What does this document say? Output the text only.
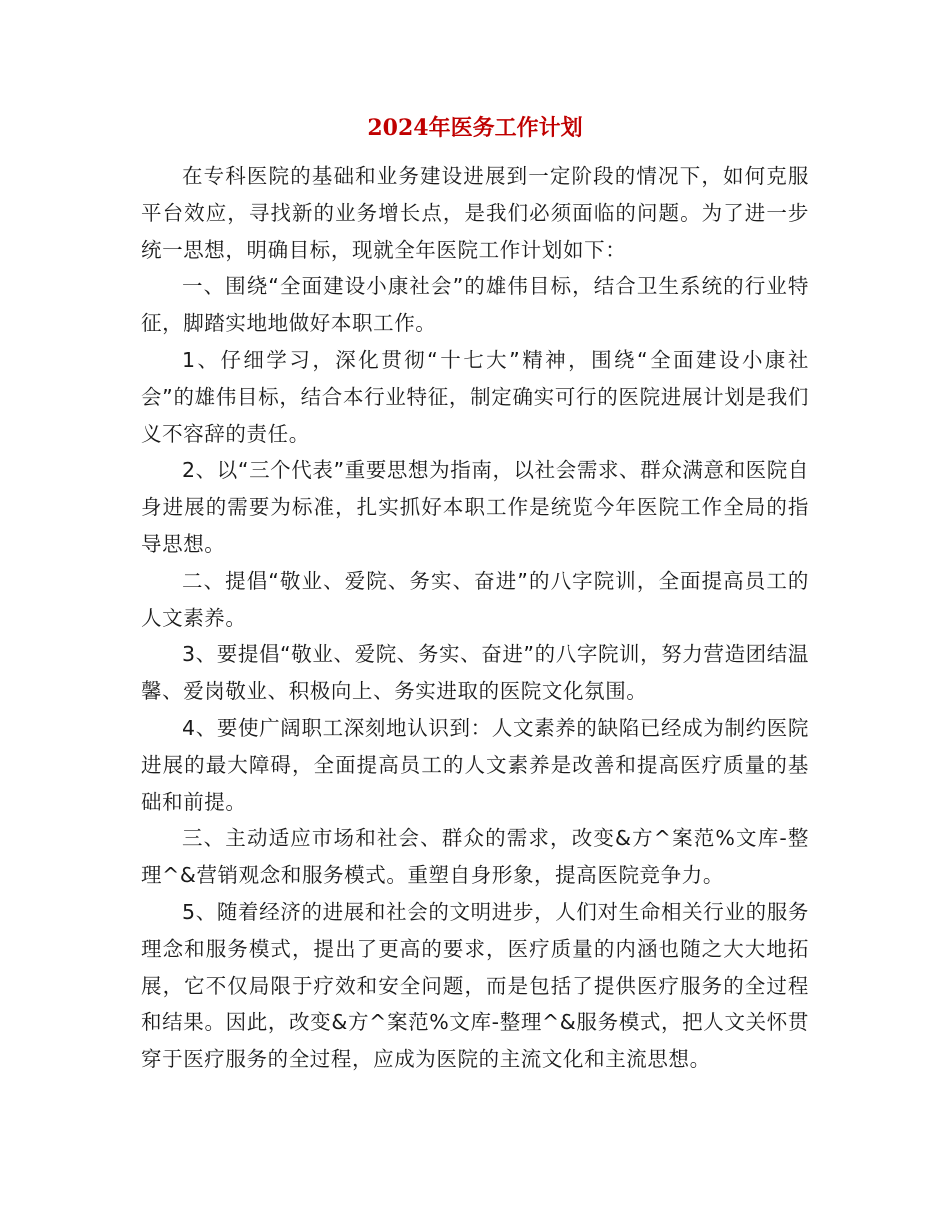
2024年医务工作计划

在专科医院的基础和业务建设进展到一定阶段的情况下，如何克服平台效应，寻找新的业务增长点，是我们必须面临的问题。为了进一步统一思想，明确目标，现就全年医院工作计划如下：

一、围绕“全面建设小康社会”的雄伟目标，结合卫生系统的行业特征，脚踏实地地做好本职工作。

1、仔细学习，深化贯彻“十七大”精神，围绕“全面建设小康社会”的雄伟目标，结合本行业特征，制定确实可行的医院进展计划是我们义不容辞的责任。

2、以“三个代表”重要思想为指南，以社会需求、群众满意和医院自身进展的需要为标准，扎实抓好本职工作是统览今年医院工作全局的指导思想。

二、提倡“敬业、爱院、务实、奋进”的八字院训，全面提高员工的人文素养。

3、要提倡“敬业、爱院、务实、奋进”的八字院训，努力营造团结温馨、爱岗敬业、积极向上、务实进取的医院文化氛围。

4、要使广阔职工深刻地认识到：人文素养的缺陷已经成为制约医院进展的最大障碍，全面提高员工的人文素养是改善和提高医疗质量的基础和前提。

三、主动适应市场和社会、群众的需求，改变&方^案范%文库-整理^&营销观念和服务模式。重塑自身形象，提高医院竞争力。

5、随着经济的进展和社会的文明进步，人们对生命相关行业的服务理念和服务模式，提出了更高的要求，医疗质量的内涵也随之大大地拓展，它不仅局限于疗效和安全问题，而是包括了提供医疗服务的全过程和结果。因此，改变&方^案范%文库-整理^&服务模式，把人文关怀贯穿于医疗服务的全过程，应成为医院的主流文化和主流思想。
